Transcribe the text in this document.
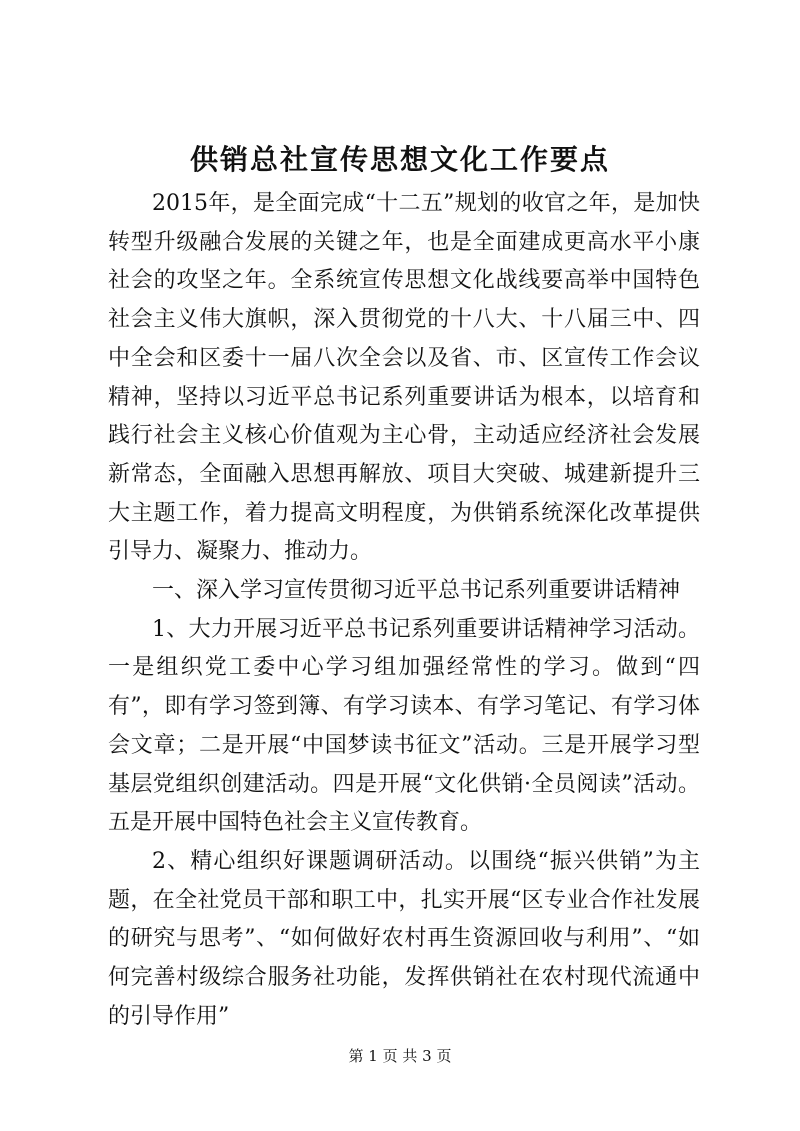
供销总社宣传思想文化工作要点

2015年，是全面完成“十二五”规划的收官之年，是加快转型升级融合发展的关键之年，也是全面建成更高水平小康社会的攻坚之年。全系统宣传思想文化战线要高举中国特色社会主义伟大旗帜，深入贯彻党的十八大、十八届三中、四中全会和区委十一届八次全会以及省、市、区宣传工作会议精神，坚持以习近平总书记系列重要讲话为根本，以培育和践行社会主义核心价值观为主心骨，主动适应经济社会发展新常态，全面融入思想再解放、项目大突破、城建新提升三大主题工作，着力提高文明程度，为供销系统深化改革提供引导力、凝聚力、推动力。

一、深入学习宣传贯彻习近平总书记系列重要讲话精神

1、大力开展习近平总书记系列重要讲话精神学习活动。一是组织党工委中心学习组加强经常性的学习。做到“四有”，即有学习签到簿、有学习读本、有学习笔记、有学习体会文章；二是开展“中国梦读书征文”活动。三是开展学习型基层党组织创建活动。四是开展“文化供销·全员阅读”活动。五是开展中国特色社会主义宣传教育。

2、精心组织好课题调研活动。以围绕“振兴供销”为主题，在全社党员干部和职工中，扎实开展“区专业合作社发展的研究与思考”、“如何做好农村再生资源回收与利用”、“如何完善村级综合服务社功能，发挥供销社在农村现代流通中的引导作用”

第 1 页 共 3 页
